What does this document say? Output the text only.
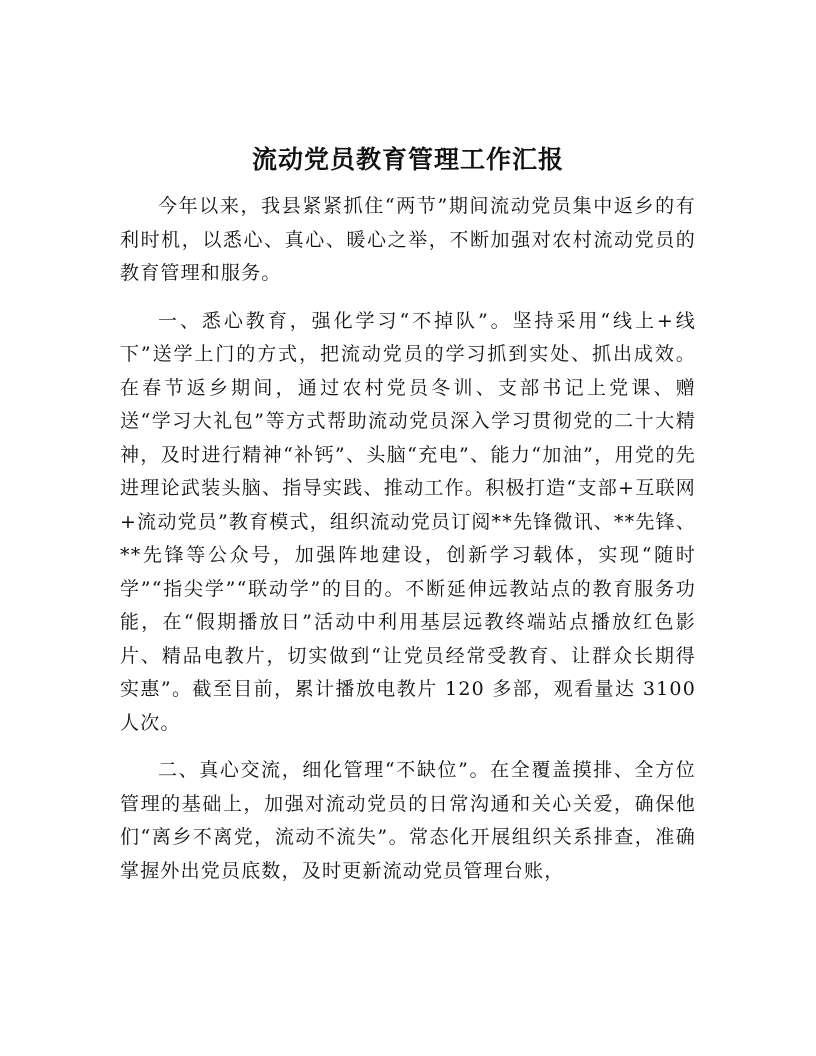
流动党员教育管理工作汇报

今年以来，我县紧紧抓住“两节”期间流动党员集中返乡的有利时机，以悉心、真心、暖心之举，不断加强对农村流动党员的教育管理和服务。

一、悉心教育，强化学习“不掉队”。坚持采用“线上+线下”送学上门的方式，把流动党员的学习抓到实处、抓出成效。在春节返乡期间，通过农村党员冬训、支部书记上党课、赠送“学习大礼包”等方式帮助流动党员深入学习贯彻党的二十大精神，及时进行精神“补钙”、头脑“充电”、能力“加油”，用党的先进理论武装头脑、指导实践、推动工作。积极打造“支部+互联网+流动党员”教育模式，组织流动党员订阅**先锋微讯、**先锋、**先锋等公众号，加强阵地建设，创新学习载体，实现“随时学”“指尖学”“联动学”的目的。不断延伸远教站点的教育服务功能，在“假期播放日”活动中利用基层远教终端站点播放红色影片、精品电教片，切实做到“让党员经常受教育、让群众长期得实惠”。截至目前，累计播放电教片 120 多部，观看量达 3100 人次。

二、真心交流，细化管理“不缺位”。在全覆盖摸排、全方位管理的基础上，加强对流动党员的日常沟通和关心关爱，确保他们“离乡不离党，流动不流失”。常态化开展组织关系排查，准确掌握外出党员底数，及时更新流动党员管理台账，
